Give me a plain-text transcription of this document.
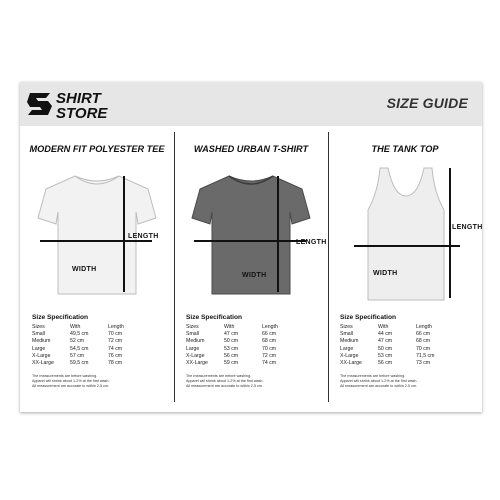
SHIRT
STORE
SIZE GUIDE
MODERN FIT POLYESTER TEE
LENGTH
WIDTH
Size Specification
Sizes	With	Length
Small	49,5 cm	70 cm
Medium	52 cm	72 cm
Large	54,5 cm	74 cm
X-Large	57 cm	76 cm
XX-Large	59,5 cm	78 cm
The measurements are before washing.
Apparel will shrink about 1-2% at the first wash.
All measurement are accurate to within 2-5 cm.
WASHED URBAN T-SHIRT
LENGTH
WIDTH
Size Specification
Sizes	With	Length
Small	47 cm	66 cm
Medium	50 cm	68 cm
Large	53 cm	70 cm
X-Large	56 cm	72 cm
XX-Large	59 cm	74 cm
The measurements are before washing.
Apparel will shrink about 1-2% at the first wash.
All measurement are accurate to within 2-5 cm.
THE TANK TOP
LENGTH
WIDTH
Size Specification
Sizes	With	Length
Small	44 cm	66 cm
Medium	47 cm	68 cm
Large	50 cm	70 cm
X-Large	53 cm	71,5 cm
XX-Large	56 cm	73 cm
The measurements are before washing.
Apparel will shrink about 1-2% at the first wash.
All measurement are accurate to within 2-5 cm.
